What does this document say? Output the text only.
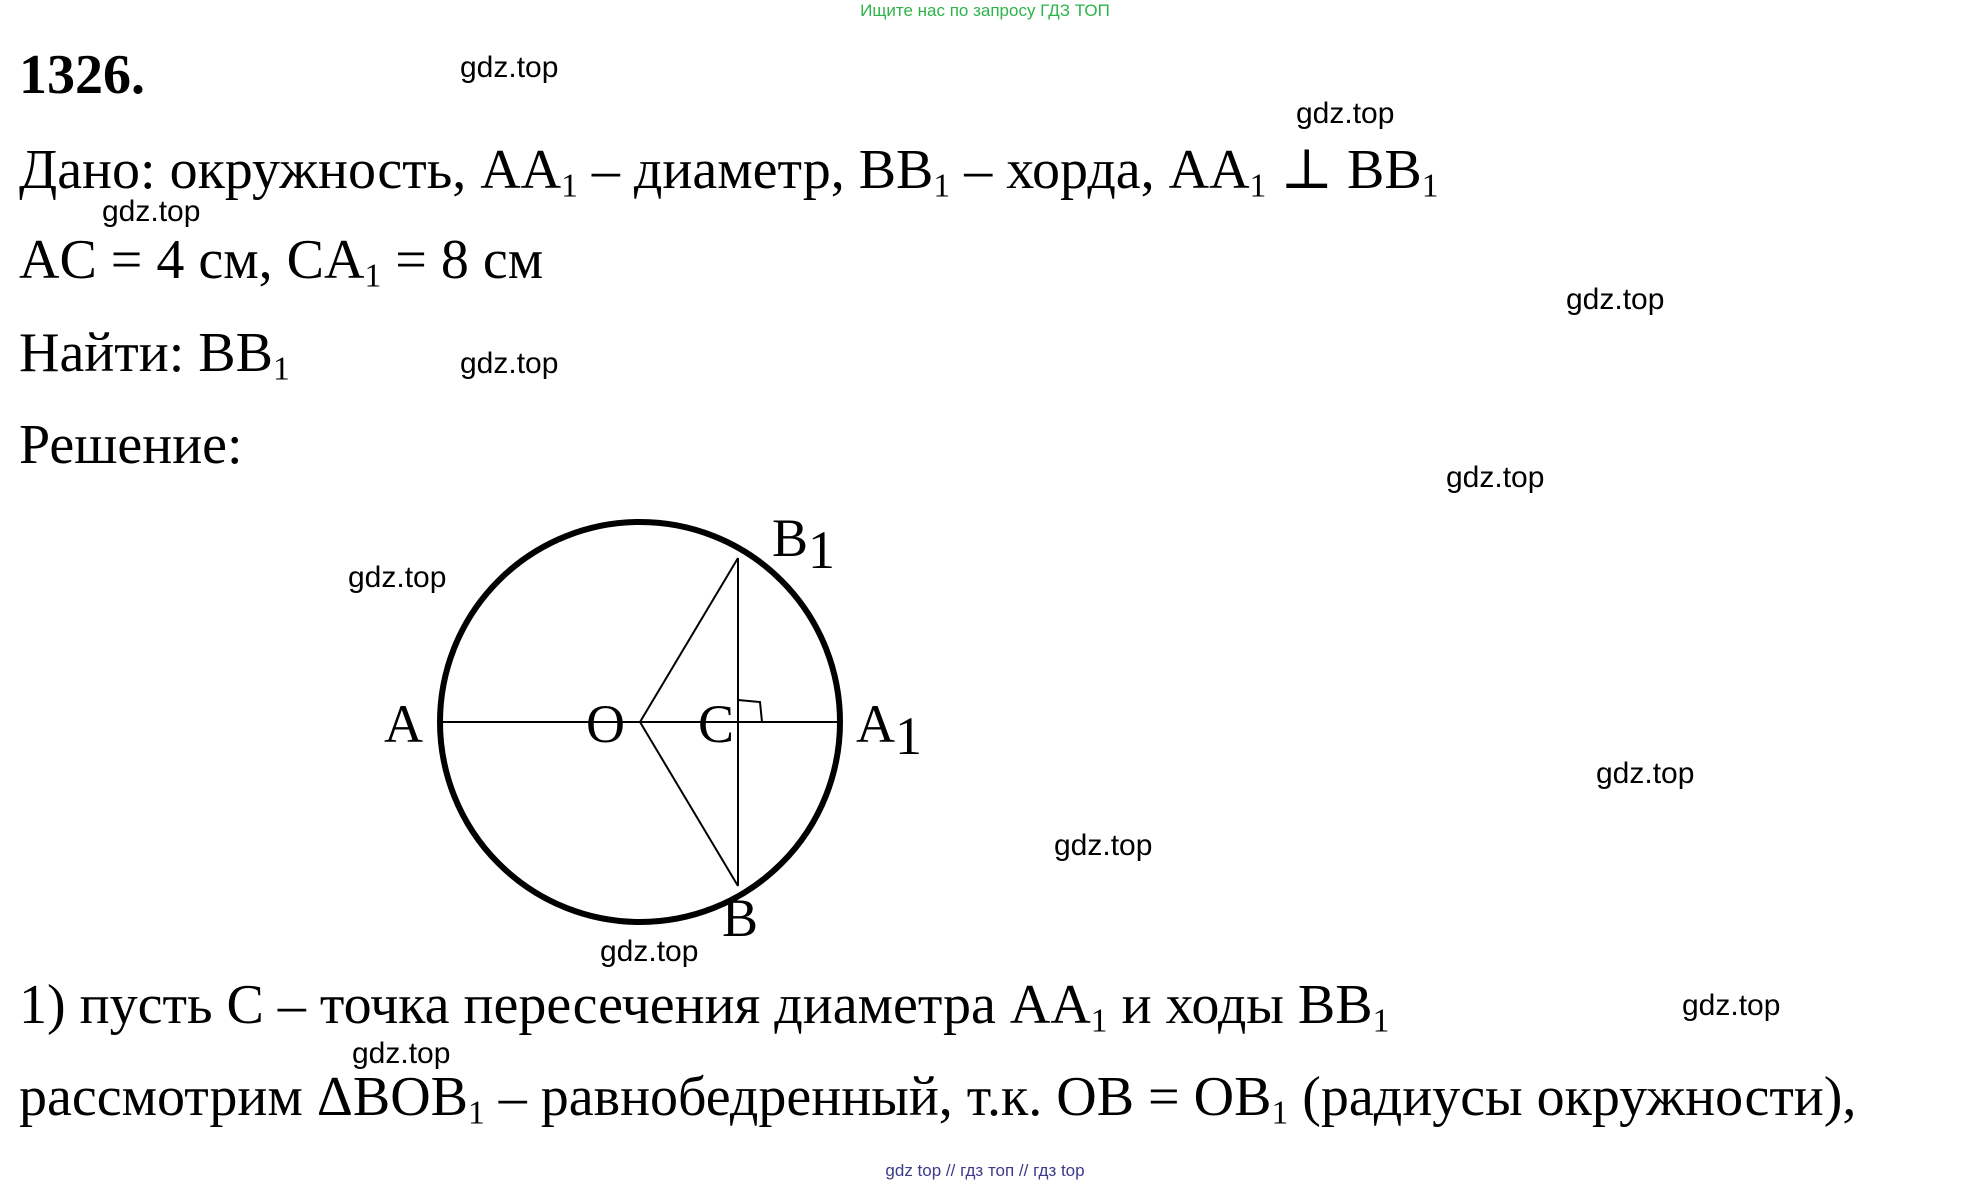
Ищите нас по запросу ГДЗ ТОП
1326.
Дано: окружность, $AA_1$ – диаметр, $BB_1$ – хорда, $AA_1$ ⊥ $BB_1$
AC = 4 см, $CA_1 = 8$ см
Найти: $BB_1$
Решение:
A	O C A1
B
B1
1) пусть C – точка пересечения диаметра $AA_1$ и ходы $BB_1$
рассмотрим $\Delta BOB_1$ – равнобедренный, т.к. OB = $OB_1$ (радиусы окружности),
gdz.top
gdz.top
gdz.top
gdz.top
gdz.top
gdz.top
gdz.top
gdz.top
gdz.top
gdz.top
gdz.top
gdz.top
gdz top // гдз топ // гдз top
